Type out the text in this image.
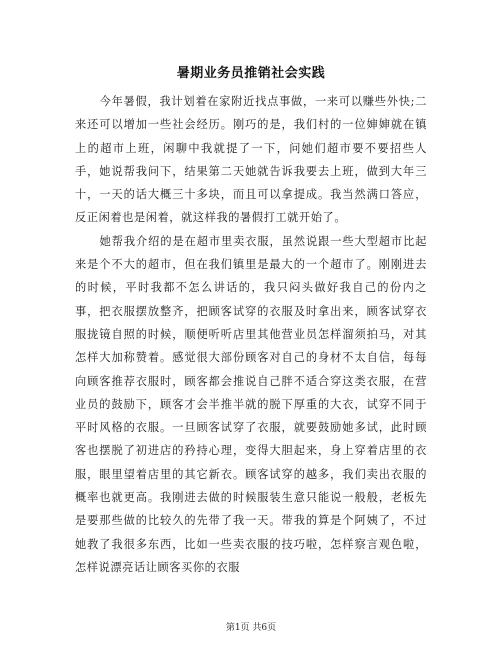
暑期业务员推销社会实践

今年暑假，我计划着在家附近找点事做，一来可以赚些外快;二来还可以增加一些社会经历。刚巧的是，我们村的一位婶婶就在镇上的超市上班，闲聊中我就提了一下，问她们超市要不要招些人手，她说帮我问下，结果第二天她就告诉我要去上班，做到大年三十，一天的话大概三十多块，而且可以拿提成。我当然满口答应，反正闲着也是闲着，就这样我的暑假打工就开始了。

她帮我介绍的是在超市里卖衣服，虽然说跟一些大型超市比起来是个不大的超市，但在我们镇里是最大的一个超市了。刚刚进去的时候，平时我都不怎么讲话的，我只闷头做好我自己的份内之事，把衣服摆放整齐，把顾客试穿的衣服及时拿出来，顾客试穿衣服拢镜自照的时候，顺便听听店里其他营业员怎样溜须拍马，对其怎样大加称赞着。感觉很大部份顾客对自己的身材不太自信，每每向顾客推荐衣服时，顾客都会推说自己胖不适合穿这类衣服，在营业员的鼓励下，顾客才会半推半就的脱下厚重的大衣，试穿不同于平时风格的衣服。一旦顾客试穿了衣服，就要鼓励她多试，此时顾客也摆脱了初进店的矜持心理，变得大胆起来，身上穿着店里的衣服，眼里望着店里的其它新衣。顾客试穿的越多，我们卖出衣服的概率也就更高。我刚进去做的时候服装生意只能说一般般，老板先是要那些做的比较久的先带了我一天。带我的算是个阿姨了，不过她教了我很多东西，比如一些卖衣服的技巧啦，怎样察言观色啦，怎样说漂亮话让顾客买你的衣服

第1页 共6页
